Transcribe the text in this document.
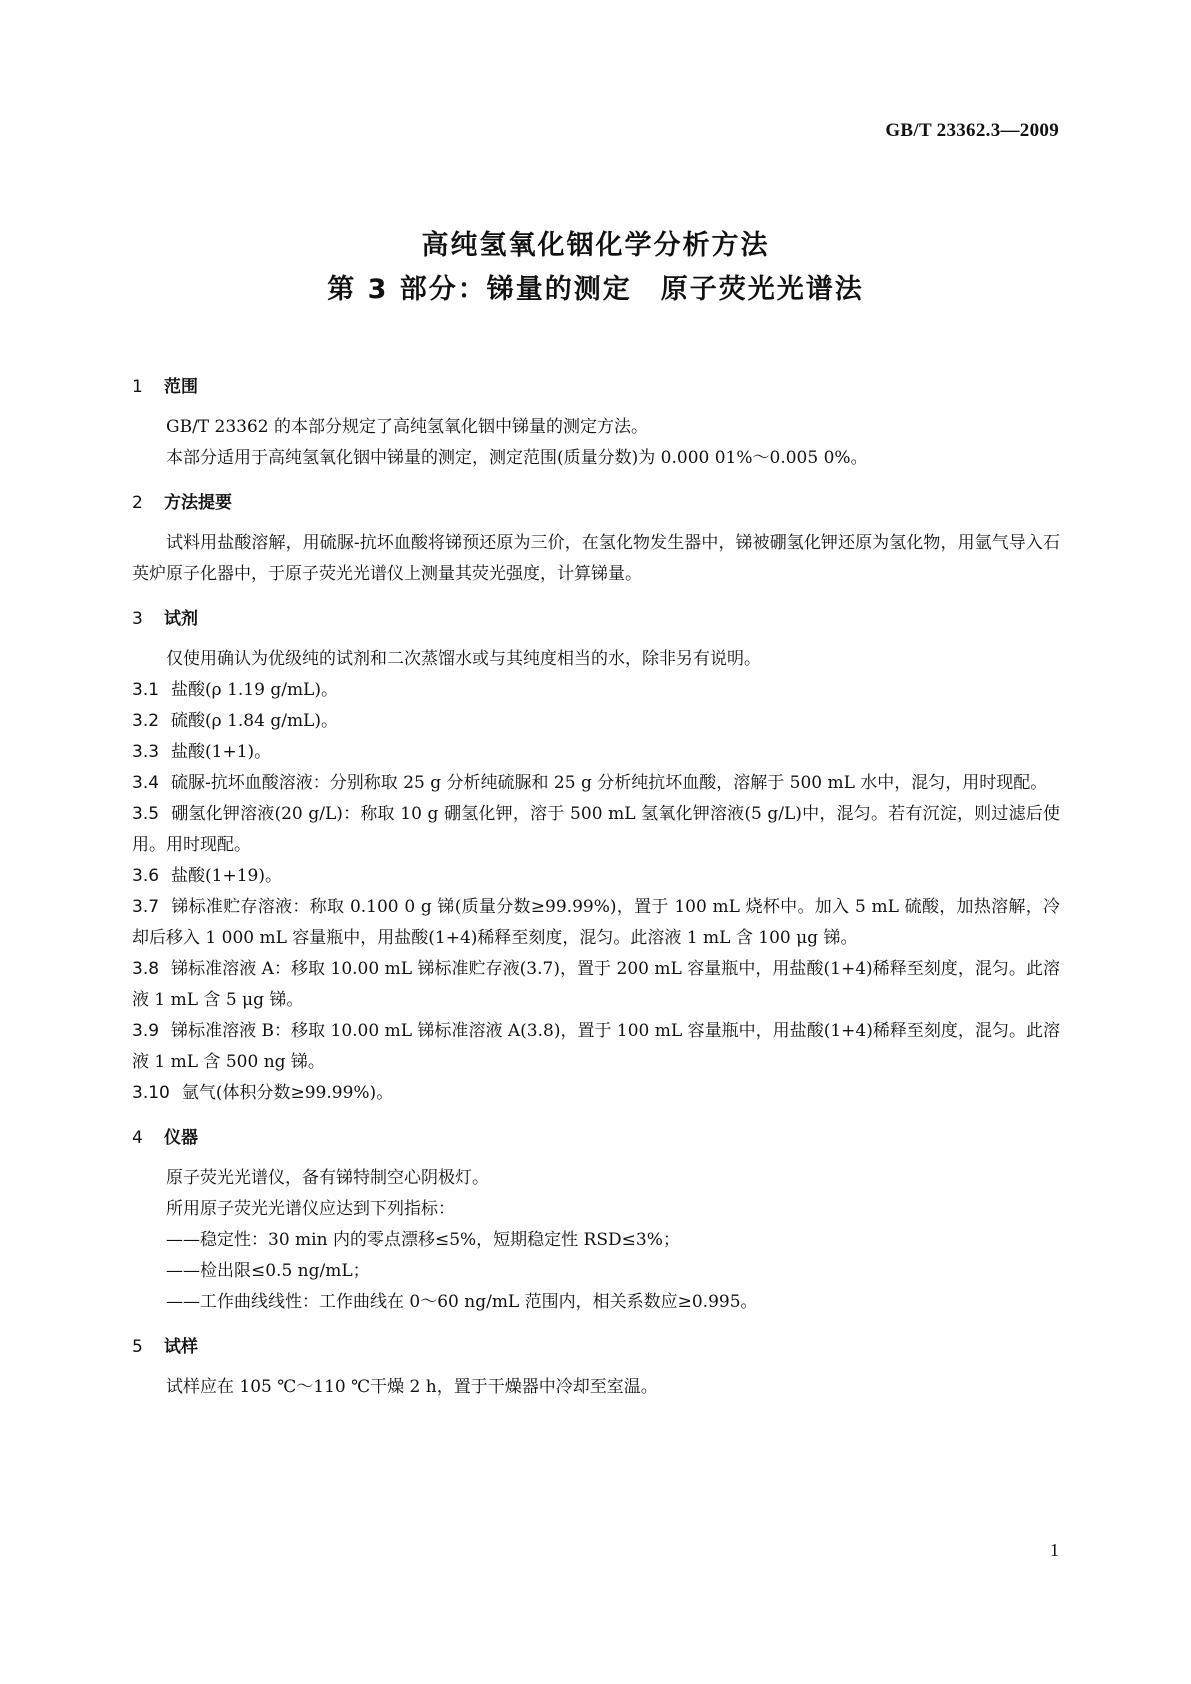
GB/T 23362.3—2009
高纯氢氧化铟化学分析方法
第 3 部分：锑量的测定　原子荧光光谱法
1 范围

GB/T 23362 的本部分规定了高纯氢氧化铟中锑量的测定方法。

本部分适用于高纯氢氧化铟中锑量的测定，测定范围(质量分数)为 0.000 01%～0.005 0%。

2 方法提要

试料用盐酸溶解，用硫脲-抗坏血酸将锑预还原为三价，在氢化物发生器中，锑被硼氢化钾还原为氢化物，用氩气导入石英炉原子化器中，于原子荧光光谱仪上测量其荧光强度，计算锑量。

3 试剂

仅使用确认为优级纯的试剂和二次蒸馏水或与其纯度相当的水，除非另有说明。

3.1 盐酸(ρ 1.19 g/mL)。

3.2 硫酸(ρ 1.84 g/mL)。

3.3 盐酸(1+1)。

3.4 硫脲-抗坏血酸溶液：分别称取 25 g 分析纯硫脲和 25 g 分析纯抗坏血酸，溶解于 500 mL 水中，混匀，用时现配。

3.5 硼氢化钾溶液(20 g/L)：称取 10 g 硼氢化钾，溶于 500 mL 氢氧化钾溶液(5 g/L)中，混匀。若有沉淀，则过滤后使用。用时现配。

3.6 盐酸(1+19)。

3.7 锑标准贮存溶液：称取 0.100 0 g 锑(质量分数≥99.99%)，置于 100 mL 烧杯中。加入 5 mL 硫酸，加热溶解，冷却后移入 1 000 mL 容量瓶中，用盐酸(1+4)稀释至刻度，混匀。此溶液 1 mL 含 100 μg 锑。

3.8 锑标准溶液 A：移取 10.00 mL 锑标准贮存液(3.7)，置于 200 mL 容量瓶中，用盐酸(1+4)稀释至刻度，混匀。此溶液 1 mL 含 5 μg 锑。

3.9 锑标准溶液 B：移取 10.00 mL 锑标准溶液 A(3.8)，置于 100 mL 容量瓶中，用盐酸(1+4)稀释至刻度，混匀。此溶液 1 mL 含 500 ng 锑。

3.10 氩气(体积分数≥99.99%)。

4 仪器

原子荧光光谱仪，备有锑特制空心阴极灯。

所用原子荧光光谱仪应达到下列指标：

——稳定性：30 min 内的零点漂移≤5%，短期稳定性 RSD≤3%；

——检出限≤0.5 ng/mL；

——工作曲线线性：工作曲线在 0～60 ng/mL 范围内，相关系数应≥0.995。

5 试样

试样应在 105 ℃～110 ℃干燥 2 h，置于干燥器中冷却至室温。

1
